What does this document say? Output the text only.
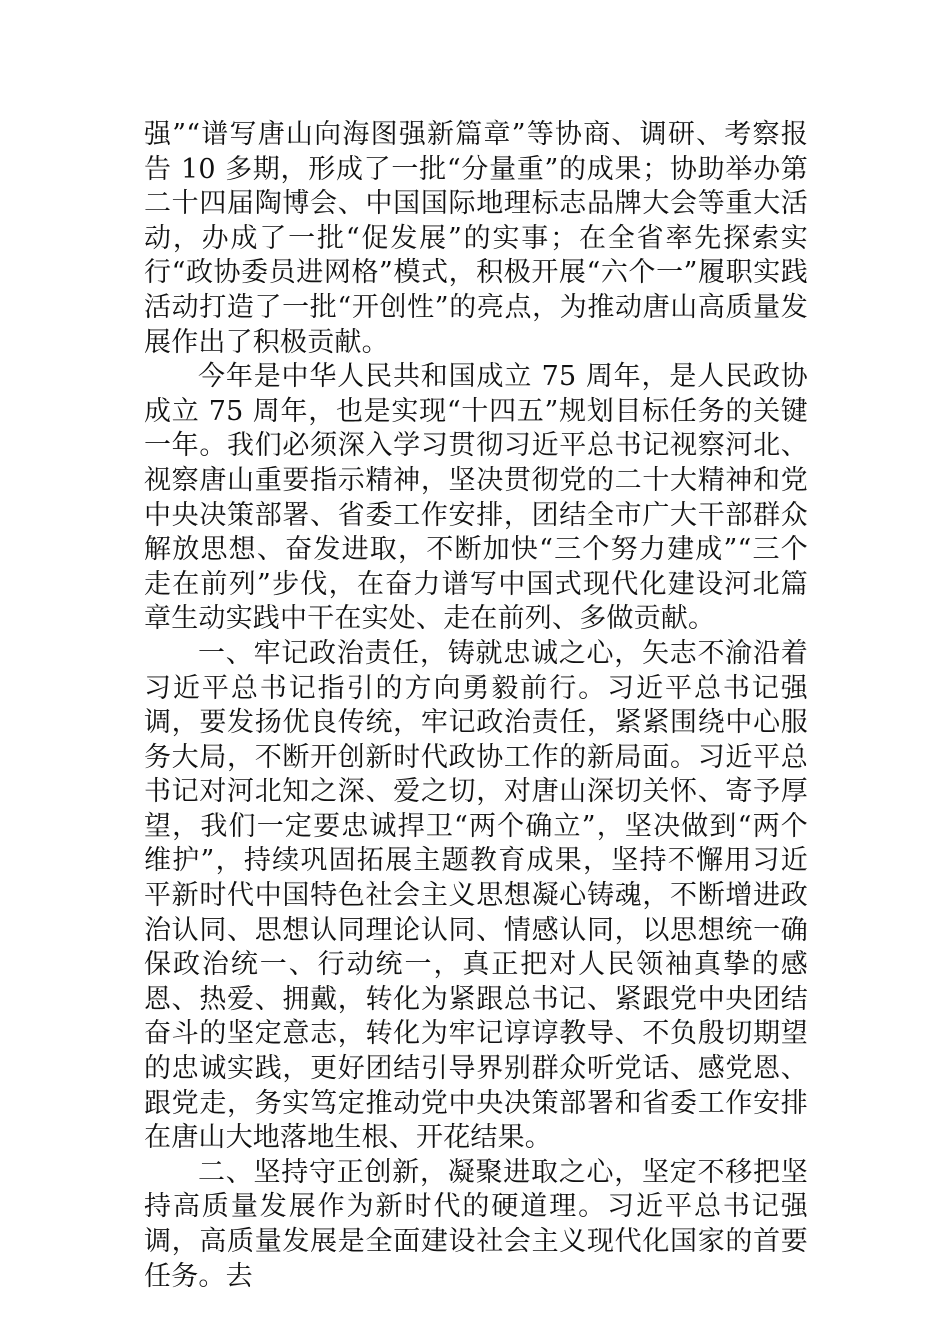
强”“谱写唐山向海图强新篇章”等协商、调研、考察报告 10 多期，形成了一批“分量重”的成果；协助举办第二十四届陶博会、中国国际地理标志品牌大会等重大活动，办成了一批“促发展”的实事；在全省率先探索实行“政协委员进网格”模式，积极开展“六个一”履职实践活动打造了一批“开创性”的亮点，为推动唐山高质量发展作出了积极贡献。

今年是中华人民共和国成立 75 周年，是人民政协成立 75 周年，也是实现“十四五”规划目标任务的关键一年。我们必须深入学习贯彻习近平总书记视察河北、视察唐山重要指示精神，坚决贯彻党的二十大精神和党中央决策部署、省委工作安排，团结全市广大干部群众解放思想、奋发进取，不断加快“三个努力建成”“三个走在前列”步伐，在奋力谱写中国式现代化建设河北篇章生动实践中干在实处、走在前列、多做贡献。

一、牢记政治责任，铸就忠诚之心，矢志不渝沿着习近平总书记指引的方向勇毅前行。习近平总书记强调，要发扬优良传统，牢记政治责任，紧紧围绕中心服务大局，不断开创新时代政协工作的新局面。习近平总书记对河北知之深、爱之切，对唐山深切关怀、寄予厚望，我们一定要忠诚捍卫“两个确立”，坚决做到“两个维护”，持续巩固拓展主题教育成果，坚持不懈用习近平新时代中国特色社会主义思想凝心铸魂，不断增进政治认同、思想认同理论认同、情感认同，以思想统一确保政治统一、行动统一，真正把对人民领袖真挚的感恩、热爱、拥戴，转化为紧跟总书记、紧跟党中央团结奋斗的坚定意志，转化为牢记谆谆教导、不负殷切期望的忠诚实践，更好团结引导界别群众听党话、感党恩、跟党走，务实笃定推动党中央决策部署和省委工作安排在唐山大地落地生根、开花结果。

二、坚持守正创新，凝聚进取之心，坚定不移把坚持高质量发展作为新时代的硬道理。习近平总书记强调，高质量发展是全面建设社会主义现代化国家的首要任务。去
